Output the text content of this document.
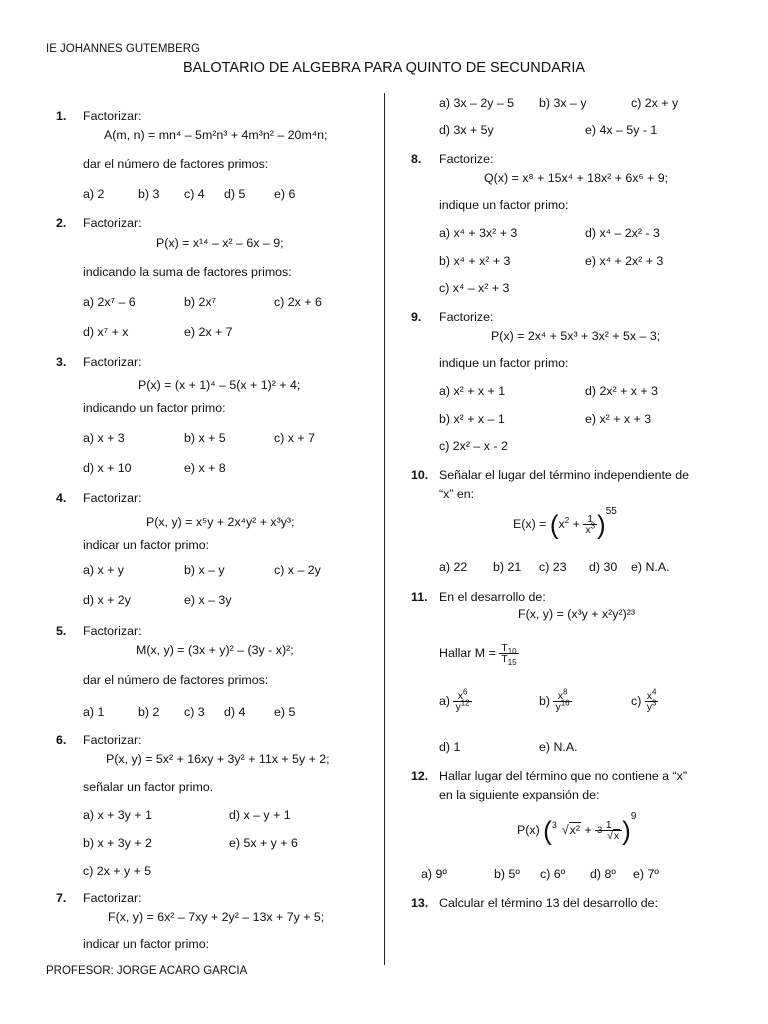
IE JOHANNES GUTEMBERG
BALOTARIO DE ALGEBRA PARA QUINTO DE SECUNDARIA
PROFESOR: JORGE ACARO GARCIA
1. Factorizar:
A(m, n) = mn⁴ – 5m²n³ + 4m³n² – 20m⁴n;
dar el número de factores primos:
a) 2	b) 3 c) 4 d) 5 e) 6
2. Factorizar:
P(x) = x¹⁴ – x² – 6x – 9;
indicando la suma de factores primos:
a) 2x⁷ – 6	b) 2x⁷	c) 2x + 6
d) x⁷ + x	e) 2x + 7
3. Factorizar:
P(x) = (x + 1)⁴ – 5(x + 1)² + 4;
indicando un factor primo:
a) x + 3	b) x + 5	c) x + 7
d) x + 10	e) x + 8
4. Factorizar:
P(x, y) = x⁵y + 2x⁴y² + x³y³;
indicar un factor primo:
a) x + y	b) x – y	c) x – 2y
d) x + 2y	e) x – 3y
5. Factorizar:
M(x, y) = (3x + y)² – (3y - x)²;
dar el número de factores primos:
a) 1	b) 2 c) 3 d) 4 e) 5
6. Factorizar:
P(x, y) = 5x² + 16xy + 3y² + 11x + 5y + 2;
señalar un factor primo.
a) x + 3y + 1	d) x – y + 1
b) x + 3y + 2	e) 5x + y + 6
c) 2x + y + 5
7. Factorizar:
F(x, y) = 6x² – 7xy + 2y² – 13x + 7y + 5;
indicar un factor primo:
a) 3x – 2y – 5 b) 3x – y	c) 2x + y
d) 3x + 5y	e) 4x – 5y - 1
8. Factorize:
Q(x) = x⁸ + 15x⁴ + 18x² + 6x⁶ + 9;
indique un factor primo:
a) x⁴ + 3x² + 3	d) x⁴ – 2x² - 3
b) x⁴ + x² + 3	e) x⁴ + 2x² + 3
c) x⁴ – x² + 3
9. Factorize:
P(x) = 2x⁴ + 5x³ + 3x² + 5x – 3;
indique un factor primo:
a) x² + x + 1	d) 2x² + x + 3
b) x² + x – 1	e) x² + x + 3
c) 2x² – x - 2
10. Señalar el lugar del término independiente de
“x” en:
$E(x) = (x^2 + \frac{1}{x^3} )^{55}$
a) 22 b) 21 c) 23 d) 30 e) N.A.
11. En el desarrollo de:
F(x, y) = (x³y + x²y²)²³
Hallar $M = \frac{T_{10}}{T_{15}}$
$a) \frac{x^6}{y^{12}}$	$b) \frac{x^8}{y^{16}}$	$c) \frac{x^4}{y^3}$
d) 1	e) N.A.
12. Hallar lugar del término que no contiene a “x”
en la siguiente expansión de:
P(x) ( 3 $√x^2 + \frac{1}{3 √x} )^9$
a) 9º	b) 5º c) 6º d) 8º e) 7º
13. Calcular el término 13 del desarrollo de:
